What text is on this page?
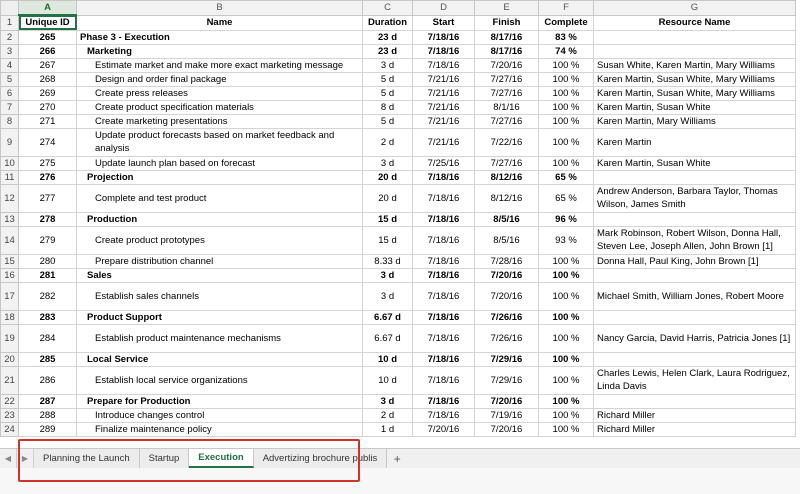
	A	B	C	D	E	F	G
1	Unique ID	Name	Duration	Start	Finish	Complete	Resource Name
2	265	Phase 3 - Execution	23 d	7/18/16	8/17/16	83 %	
3	266	Marketing	23 d	7/18/16	8/17/16	74 %	
4	267	Estimate market and make more exact marketing message	3 d	7/18/16	7/20/16	100 %	Susan White, Karen Martin, Mary Williams
5	268	Design and order final package	5 d	7/21/16	7/27/16	100 %	Karen Martin, Susan White, Mary Williams
6	269	Create press releases	5 d	7/21/16	7/27/16	100 %	Karen Martin, Susan White, Mary Williams
7	270	Create product specification materials	8 d	7/21/16	8/1/16	100 %	Karen Martin, Susan White
8	271	Create marketing presentations	5 d	7/21/16	7/27/16	100 %	Karen Martin, Mary Williams
9	274	Update product forecasts based on market feedback and analysis	2 d	7/21/16	7/22/16	100 %	Karen Martin
10	275	Update launch plan based on forecast	3 d	7/25/16	7/27/16	100 %	Karen Martin, Susan White
11	276	Projection	20 d	7/18/16	8/12/16	65 %	
12	277	Complete and test product	20 d	7/18/16	8/12/16	65 %	Andrew Anderson, Barbara Taylor, Thomas Wilson, James Smith
13	278	Production	15 d	7/18/16	8/5/16	96 %	
14	279	Create product prototypes	15 d	7/18/16	8/5/16	93 %	Mark Robinson, Robert Wilson, Donna Hall, Steven Lee, Joseph Allen, John Brown [1]
15	280	Prepare distribution channel	8.33 d	7/18/16	7/28/16	100 %	Donna Hall, Paul King, John Brown [1]
16	281	Sales	3 d	7/18/16	7/20/16	100 %	
17	282	Establish sales channels	3 d	7/18/16	7/20/16	100 %	Michael Smith, William Jones, Robert Moore
18	283	Product Support	6.67 d	7/18/16	7/26/16	100 %	
19	284	Establish product maintenance mechanisms	6.67 d	7/18/16	7/26/16	100 %	Nancy Garcia, David Harris, Patricia Jones [1]
20	285	Local Service	10 d	7/18/16	7/29/16	100 %	
21	286	Establish local service organizations	10 d	7/18/16	7/29/16	100 %	Charles Lewis, Helen Clark, Laura Rodriguez, Linda Davis
22	287	Prepare for Production	3 d	7/18/16	7/20/16	100 %	
23	288	Introduce changes control	2 d	7/18/16	7/19/16	100 %	Richard Miller
24	289	Finalize maintenance policy	1 d	7/20/16	7/20/16	100 %	Richard Miller
◀	▶	Planning the Launch	Startup	Execution	Advertizing brochure publis	+
